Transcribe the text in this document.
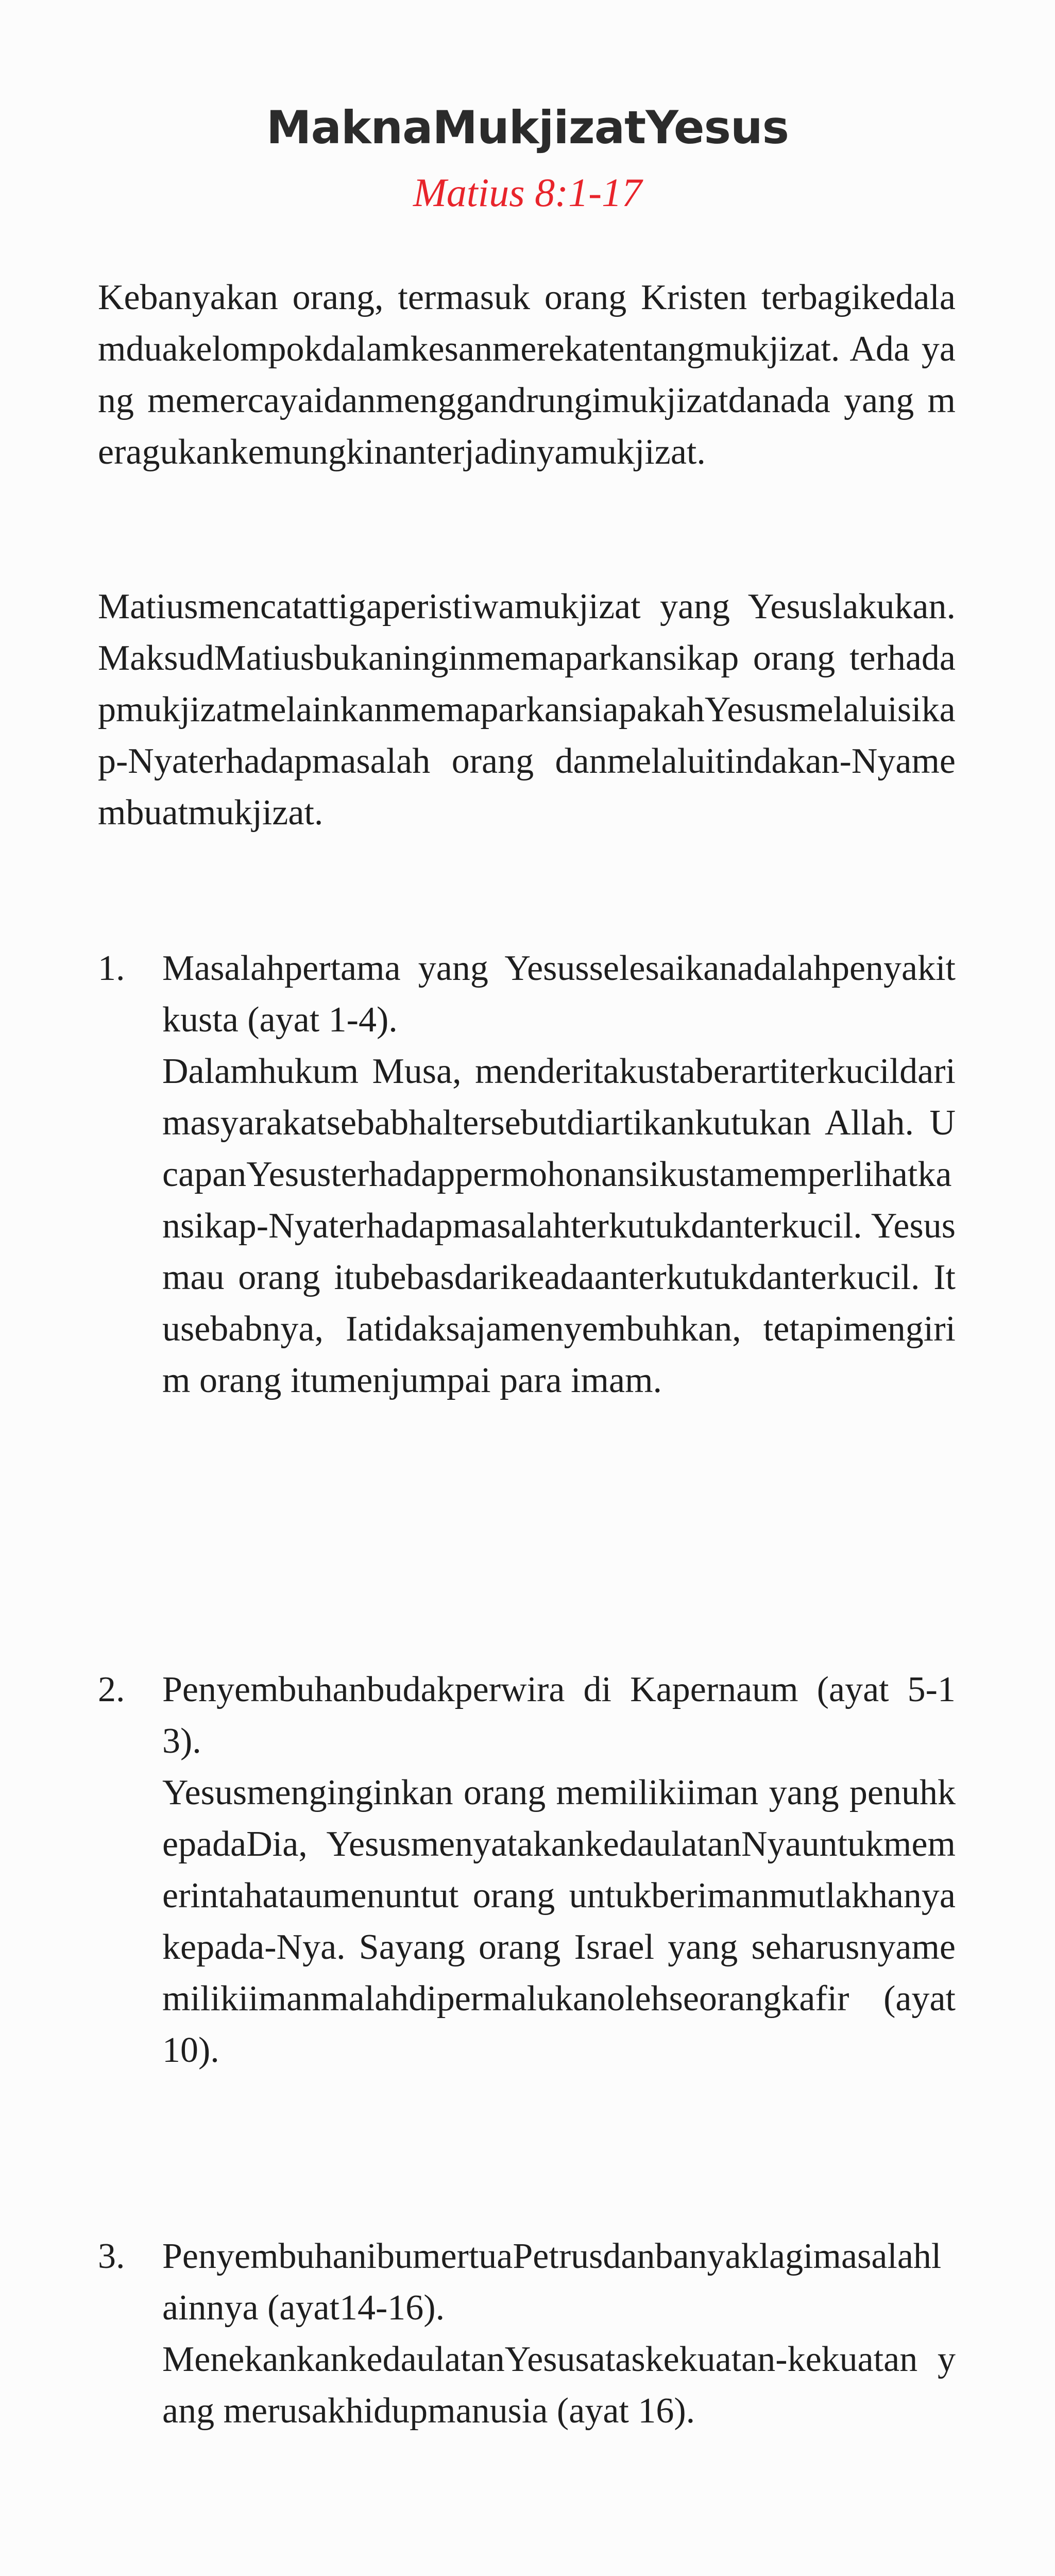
MaknaMukjizatYesus
Matius 8:1-17
Kebanyakan orang, termasuk orang Kristen terbagikedalamduakelompokdalamkesanmerekatentangmukjizat. Ada yang memercayaidanmenggandrungimukjizatdanada yang meragukankemungkinanterjadinyamukjizat.
Matiusmencatattigaperistiwamukjizat yang Yesuslakukan. MaksudMatiusbukaninginmemaparkansikap orang terhadapmukjizatmelainkanmemaparkansiapakahYesusmelaluisikap-Nyaterhadapmasalah orang danmelaluitindakan-Nyamembuatmukjizat.
1.	Masalahpertama yang Yesusselesaikanadalahpenyakitkusta (ayat 1-4).
Dalamhukum Musa, menderitakustaberartiterkucildarimasyarakatsebabhaltersebutdiartikankutukan Allah. UcapanYesusterhadappermohonansikustamemperlihatkansikap-Nyaterhadapmasalahterkutukdanterkucil. Yesusmau orang itubebasdarikeadaanterkutukdanterkucil. Itusebabnya, Iatidaksajamenyembuhkan, tetapimengirim orang itumenjumpai para imam.
2.	Penyembuhanbudakperwira di Kapernaum (ayat 5-13).
Yesusmenginginkan orang memilikiiman yang penuhkepadaDia, YesusmenyatakankedaulatanNyauntukmemerintahataumenuntut orang untukberimanmutlakhanyakepada-Nya. Sayang orang Israel yang seharusnyamemilikiimanmalahdipermalukanolehseorangkafir (ayat 10).
3.	PenyembuhanibumertuaPetrusdanbanyaklagimasalahlainnya (ayat14-16).
MenekankankedaulatanYesusataskekuatan-kekuatan yang merusakhidupmanusia (ayat 16).
